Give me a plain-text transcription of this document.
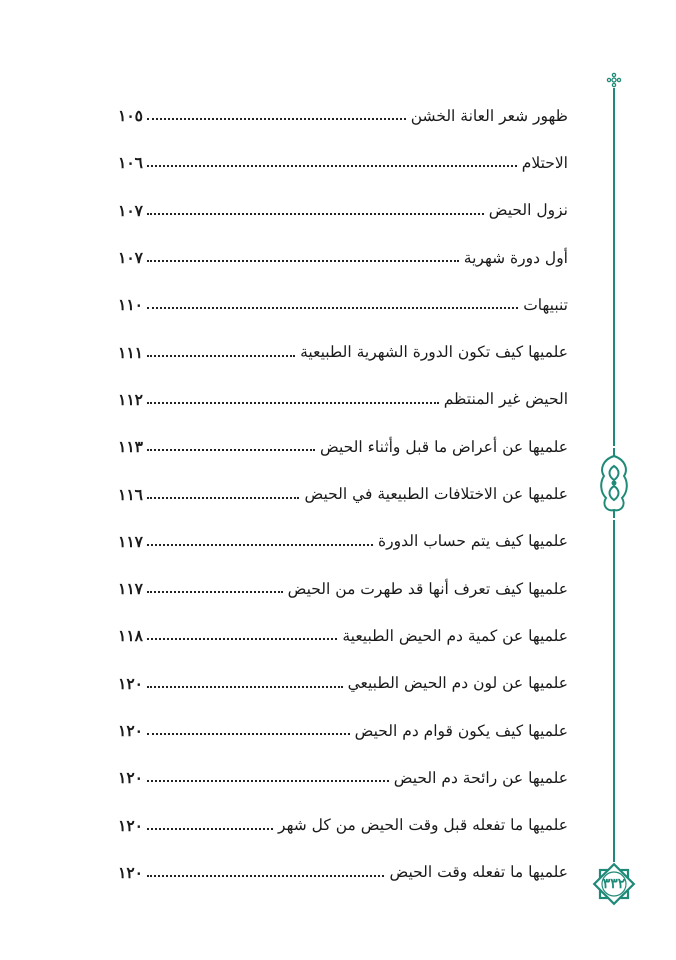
ظهور شعر العانة الخشن
١٠٥
الاحتلام
١٠٦
نزول الحيض
١٠٧
أول دورة شهرية
١٠٧
تنبيهات
١١٠
علميها كيف تكون الدورة الشهرية الطبيعية
١١١
الحيض غير المنتظم
١١٢
علميها عن أعراض ما قبل وأثناء الحيض
١١٣
علميها عن الاختلافات الطبيعية في الحيض
١١٦
علميها كيف يتم حساب الدورة
١١٧
علميها كيف تعرف أنها قد طهرت من الحيض
١١٧
علميها عن كمية دم الحيض الطبيعية
١١٨
علميها عن لون دم الحيض الطبيعي
١٢٠
علميها كيف يكون قوام دم الحيض
١٢٠
علميها عن رائحة دم الحيض
١٢٠
علميها ما تفعله قبل وقت الحيض من كل شهر
١٢٠
علميها ما تفعله وقت الحيض
١٢٠
٣٣٢
